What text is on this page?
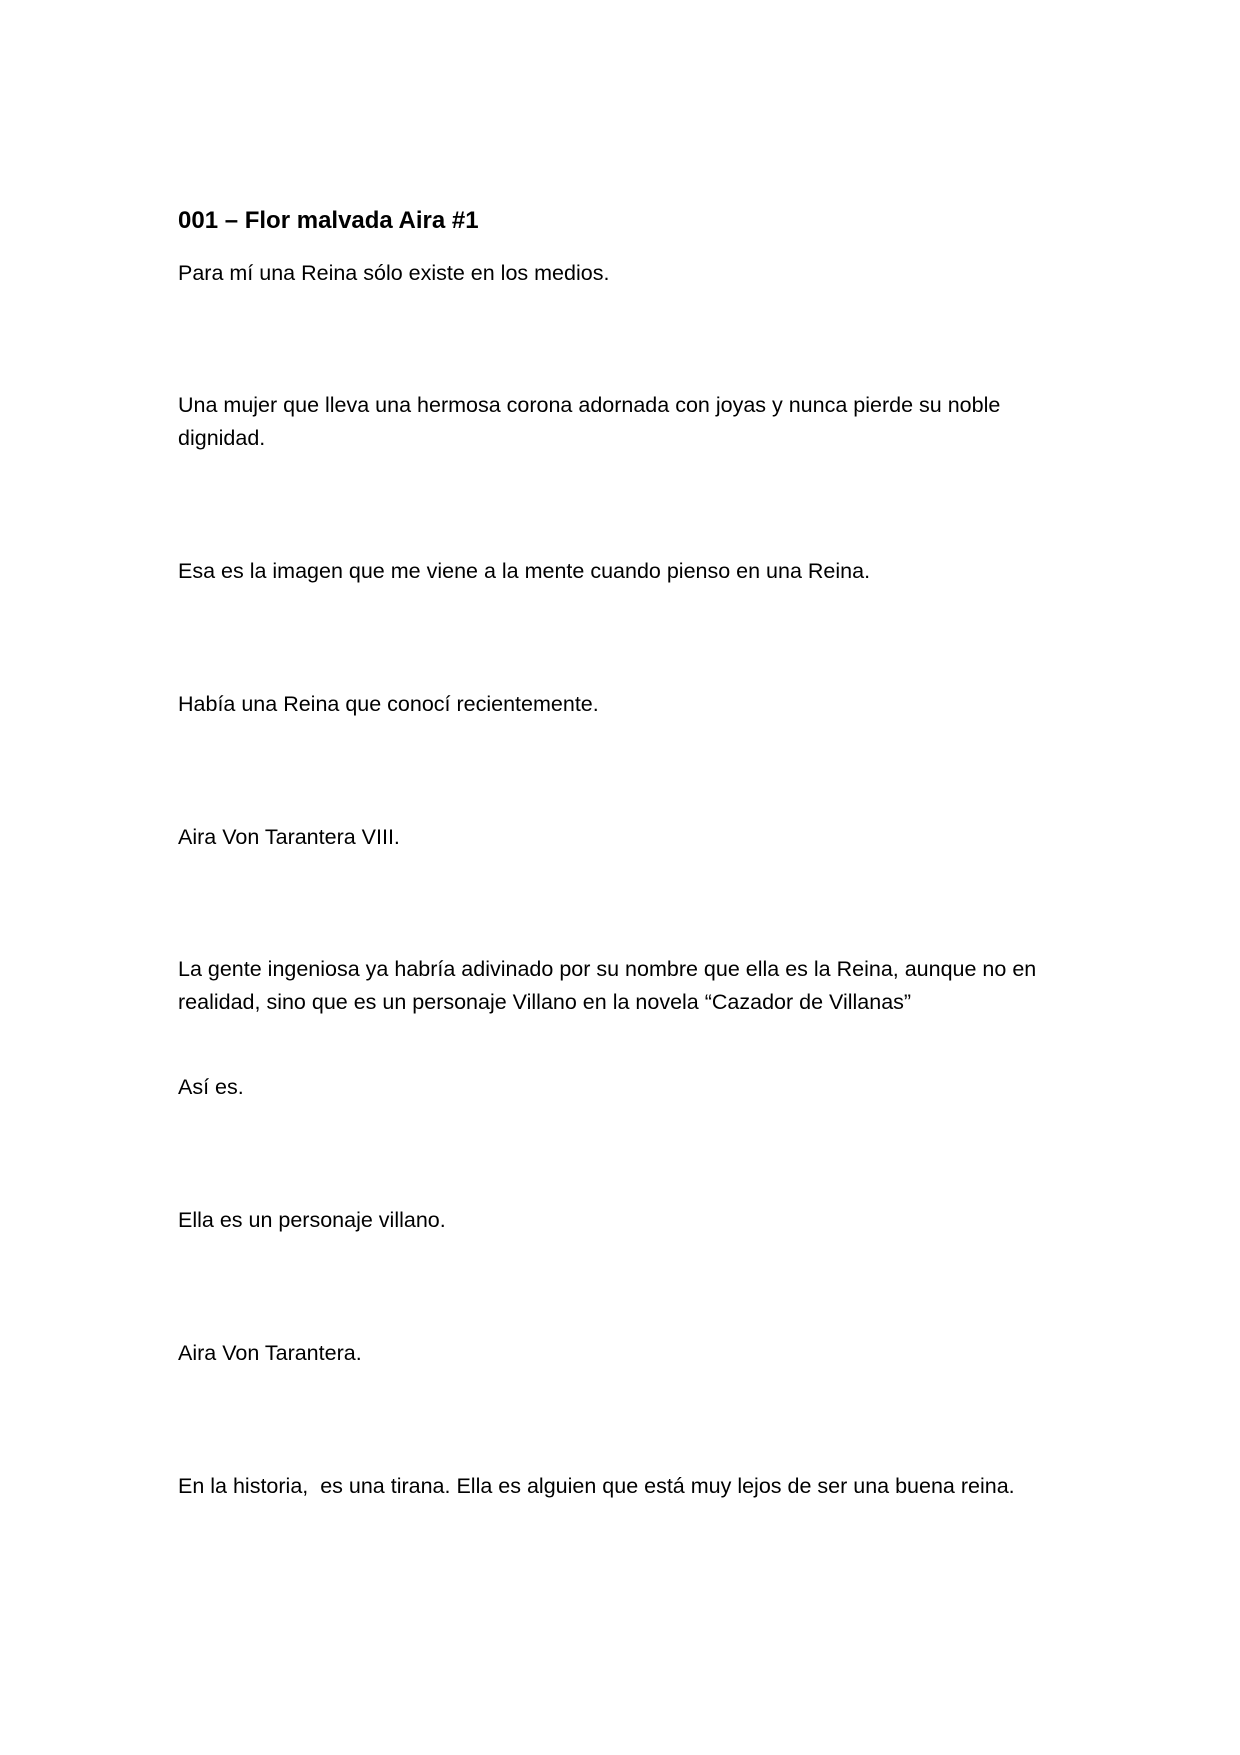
001 – Flor malvada Aira #1

Para mí una Reina sólo existe en los medios.

Una mujer que lleva una hermosa corona adornada con joyas y nunca pierde su noble dignidad.

Esa es la imagen que me viene a la mente cuando pienso en una Reina.

Había una Reina que conocí recientemente.

Aira Von Tarantera VIII.

La gente ingeniosa ya habría adivinado por su nombre que ella es la Reina, aunque no en realidad, sino que es un personaje Villano en la novela “Cazador de Villanas”

Así es.

Ella es un personaje villano.

Aira Von Tarantera.

En la historia,  es una tirana. Ella es alguien que está muy lejos de ser una buena reina.
